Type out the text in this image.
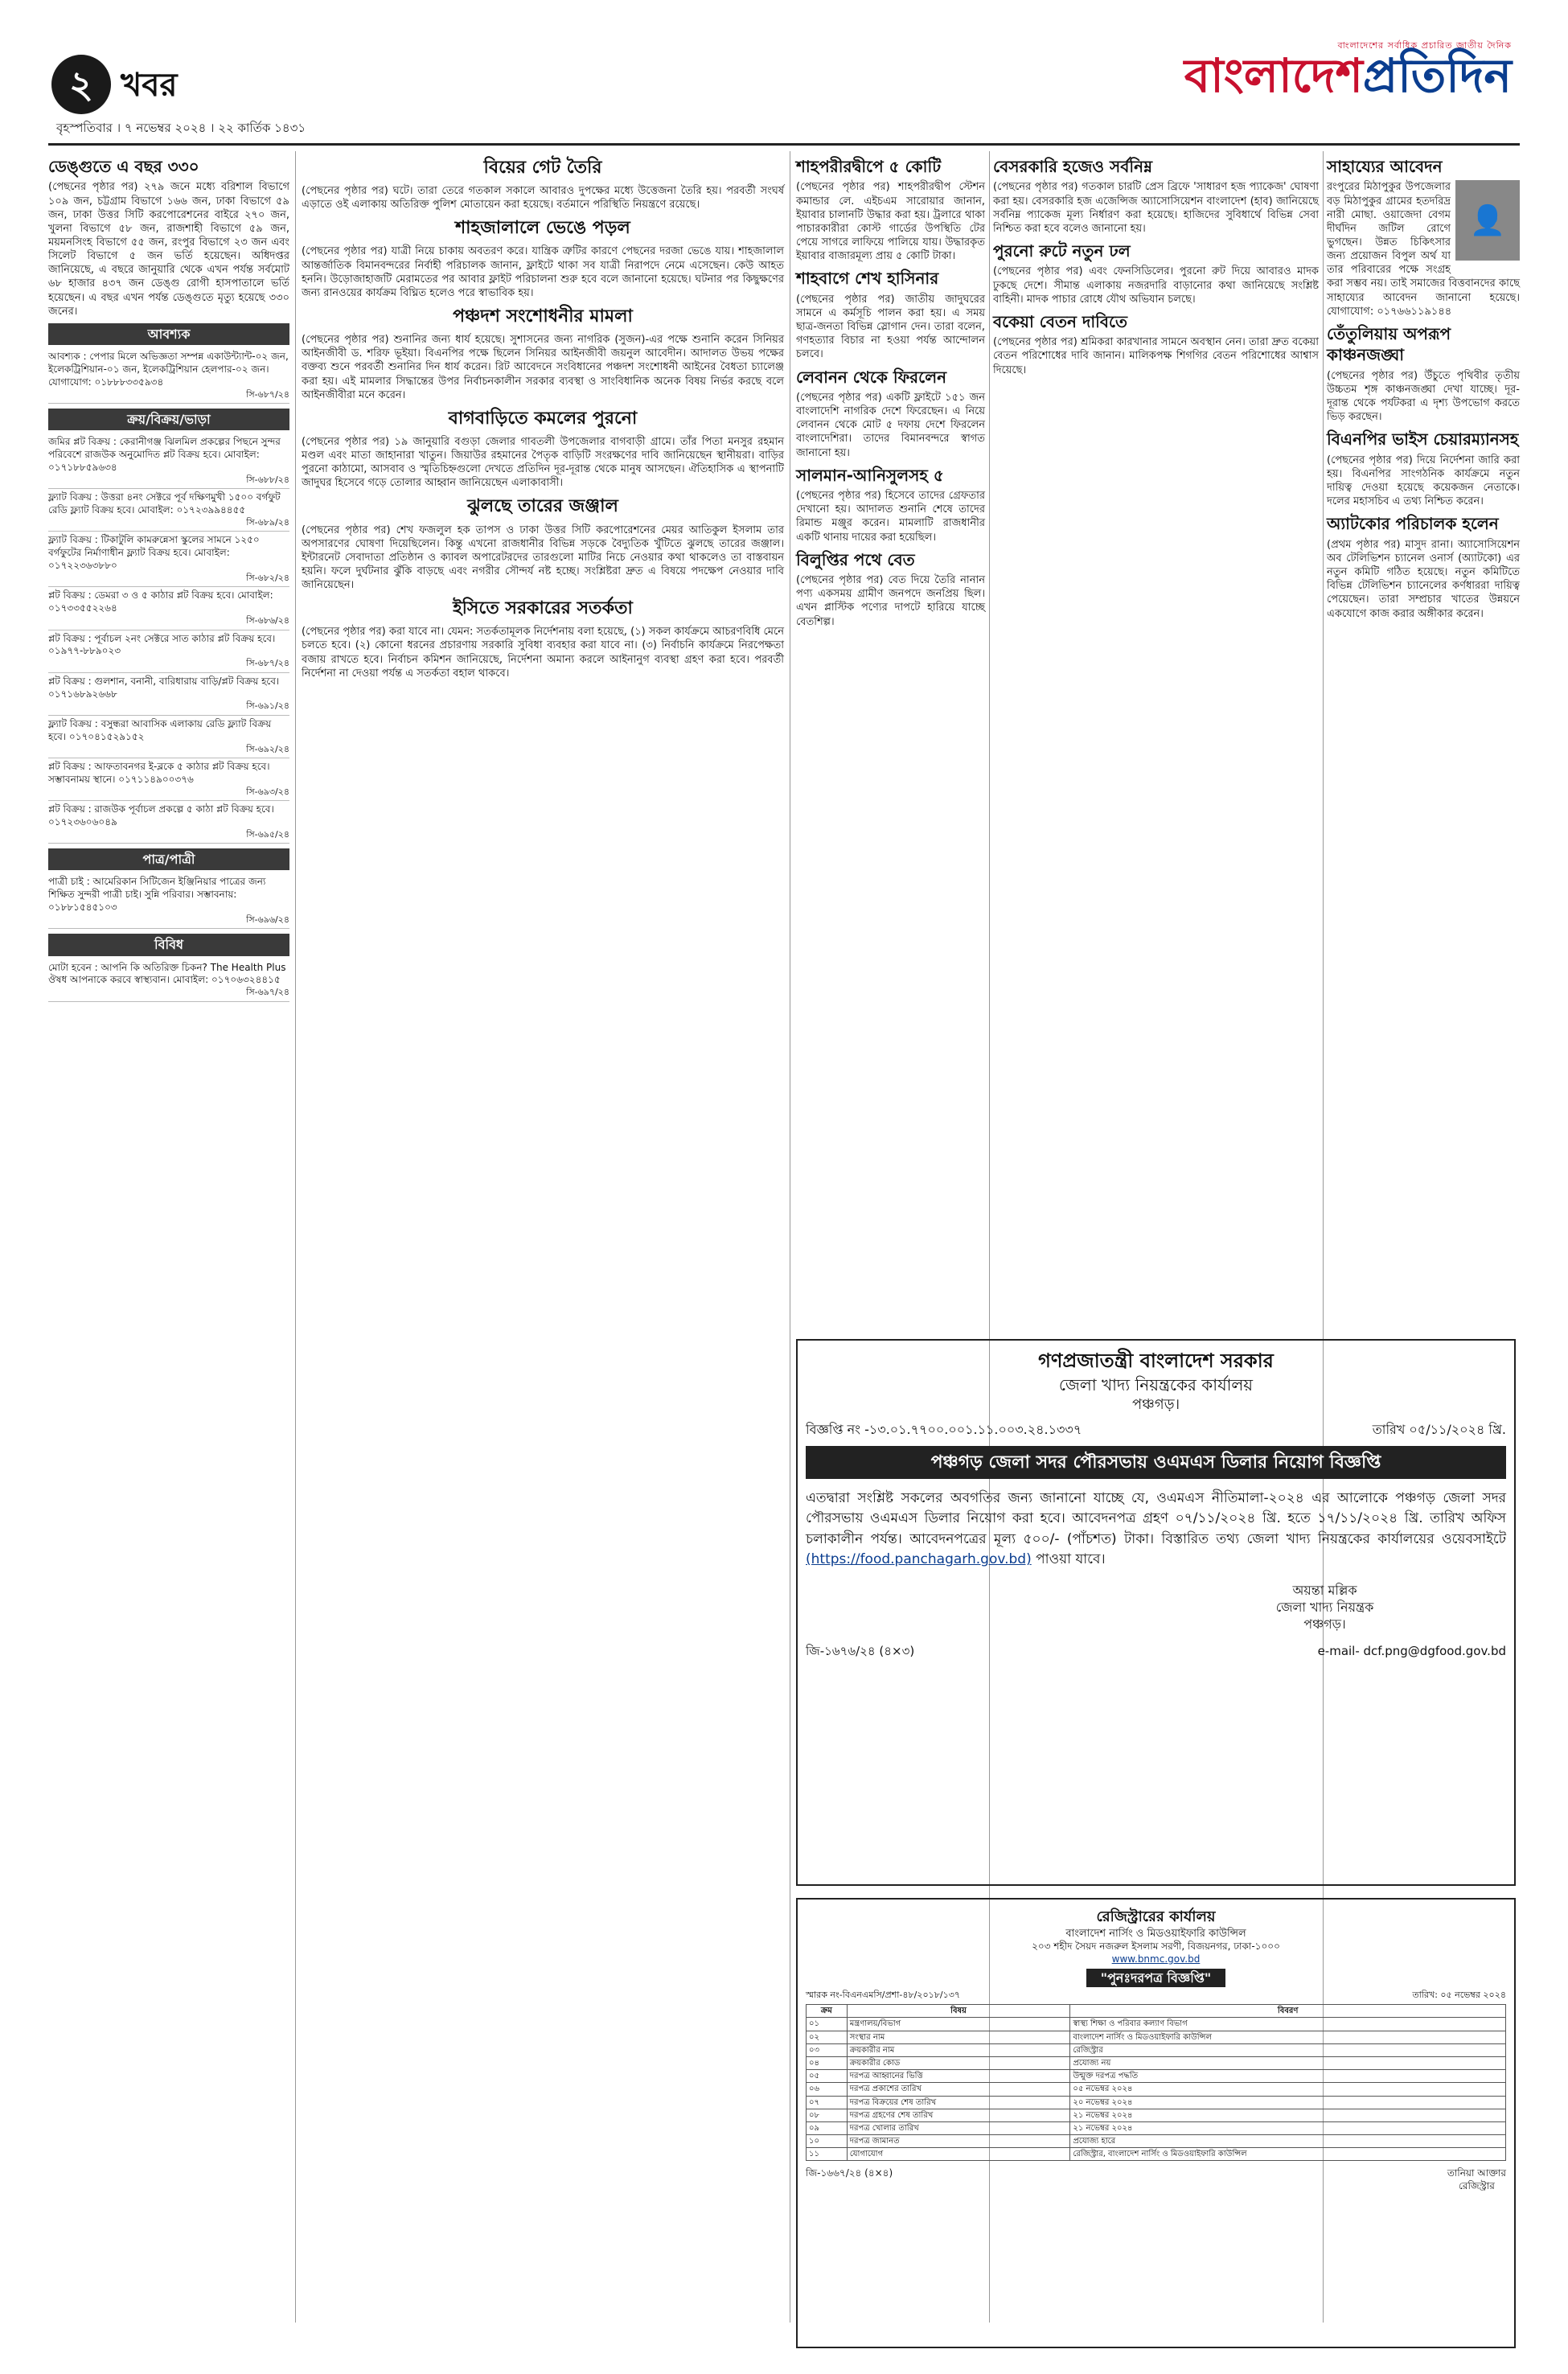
২ খবর
বৃহস্পতিবার । ৭ নভেম্বর ২০২৪ । ২২ কার্তিক ১৪৩১
বাংলাদেশের সর্বাধিক প্রচারিত জাতীয় দৈনিক
বাংলাদেশপ্রতিদিন
ডেঙ্গুতে এ বছর ৩৩০

(পেছনের পৃষ্ঠার পর) ২৭৯ জনে মধ্যে বরিশাল বিভাগে ১০৯ জন, চট্টগ্রাম বিভাগে ১৬৬ জন, ঢাকা বিভাগে ৫৯ জন, ঢাকা উত্তর সিটি করপোরেশনের বাইরে ২৭০ জন, খুলনা বিভাগে ৫৮ জন, রাজশাহী বিভাগে ৫৯ জন, ময়মনসিংহ বিভাগে ৫৫ জন, রংপুর বিভাগে ২৩ জন এবং সিলেট বিভাগে ৫ জন ভর্তি হয়েছেন। অধিদপ্তর জানিয়েছে, এ বছরে জানুয়ারি থেকে এখন পর্যন্ত সর্বমোট ৬৮ হাজার ৪৩৭ জন ডেঙ্গু রোগী হাসপাতালে ভর্তি হয়েছেন। এ বছর এখন পর্যন্ত ডেঙ্গুতে মৃত্যু হয়েছে ৩৩০ জনের।

আবশ্যক
আবশ্যক : পেপার মিলে অভিজ্ঞতা সম্পন্ন একাউন্ট্যান্ট-০২ জন, ইলেকট্রিশিয়ান-০১ জন, ইলেকট্রিশিয়ান হেলপার-০২ জন। যোগাযোগ: ০১৮৮৮৩৩৫৯৩৪
সি-৬৮৭/২৪
ক্রয়/বিক্রয়/ভাড়া
জমির প্লট বিক্রয় : কেরানীগঞ্জ ঝিলমিল প্রকল্পের পিছনে সুন্দর পরিবেশে রাজউক অনুমোদিত প্লট বিক্রয় হবে। মোবাইল: ০১৭১৮৮৫৯৬৩৪
সি-৬৮৮/২৪
ফ্ল্যাট বিক্রয় : উত্তরা ৪নং সেক্টরে পূর্ব দক্ষিণমুখী ১৫০০ বর্গফুট রেডি ফ্ল্যাট বিক্রয় হবে। মোবাইল: ০১৭২৩৯৯৪৪৫৫
সি-৬৮৯/২৪
ফ্ল্যাট বিক্রয় : টিকাটুলি কামরুন্নেসা স্কুলের সামনে ১২৫০ বর্গফুটের নির্মাণাধীন ফ্ল্যাট বিক্রয় হবে। মোবাইল: ০১৭২২৩৬৩৮৮০
সি-৬৮২/২৪
প্লট বিক্রয় : ডেমরা ৩ ও ৫ কাঠার প্লট বিক্রয় হবে। মোবাইল: ০১৭৩৩৫৫২২৬৪
সি-৬৮৬/২৪
প্লট বিক্রয় : পূর্বাচল ২নং সেক্টরে সাত কাঠার প্লট বিক্রয় হবে। ০১৯৭৭-৮৮৯০২৩
সি-৬৮৭/২৪
প্লট বিক্রয় : গুলশান, বনানী, বারিধারায় বাড়ি/প্লট বিক্রয় হবে। ০১৭১৬৮৯২৬৬৮
সি-৬৯১/২৪
ফ্ল্যাট বিক্রয় : বসুন্ধরা আবাসিক এলাকায় রেডি ফ্ল্যাট বিক্রয় হবে। ০১৭০৪১৫২৯১৫২
সি-৬৯২/২৪
প্লট বিক্রয় : আফতাবনগর ই-ব্লকে ৫ কাঠার প্লট বিক্রয় হবে। সম্ভাবনাময় স্থানে। ০১৭১১৪৯০০৩৭৬
সি-৬৯৩/২৪
প্লট বিক্রয় : রাজউক পূর্বাচল প্রকল্পে ৫ কাঠা প্লট বিক্রয় হবে। ০১৭২৩৬০৬০৪৯
সি-৬৯৫/২৪
পাত্র/পাত্রী
পাত্রী চাই : আমেরিকান সিটিজেন ইঞ্জিনিয়ার পাত্রের জন্য শিক্ষিত সুন্দরী পাত্রী চাই। সুন্নি পরিবার। সম্ভাবনায়: ০১৮৮১৫৪৫১০৩
সি-৬৯৬/২৪
বিবিধ
মোটা হবেন : আপনি কি অতিরিক্ত চিকন? The Health Plus ঔষধ আপনাকে করবে স্বাস্থ্যবান। মোবাইল: ০১৭০৬৩২৪৪১৫
সি-৬৯৭/২৪
বিয়ের গেট তৈরি

(পেছনের পৃষ্ঠার পর) ঘটে। তারা তেরে গতকাল সকালে আবারও দুপক্ষের মধ্যে উত্তেজনা তৈরি হয়। পরবর্তী সংঘর্ষ এড়াতে ওই এলাকায় অতিরিক্ত পুলিশ মোতায়েন করা হয়েছে। বর্তমানে পরিস্থিতি নিয়ন্ত্রণে রয়েছে।

শাহজালালে ভেঙে পড়ল

(পেছনের পৃষ্ঠার পর) যাত্রী নিয়ে চাকায় অবতরণ করে। যান্ত্রিক ত্রুটির কারণে পেছনের দরজা ভেঙে যায়। শাহজালাল আন্তর্জাতিক বিমানবন্দরের নির্বাহী পরিচালক জানান, ফ্লাইটে থাকা সব যাত্রী নিরাপদে নেমে এসেছেন। কেউ আহত হননি। উড়োজাহাজটি মেরামতের পর আবার ফ্লাইট পরিচালনা শুরু হবে বলে জানানো হয়েছে। ঘটনার পর কিছুক্ষণের জন্য রানওয়ের কার্যক্রম বিঘ্নিত হলেও পরে স্বাভাবিক হয়।

পঞ্চদশ সংশোধনীর মামলা

(পেছনের পৃষ্ঠার পর) শুনানির জন্য ধার্য হয়েছে। সুশাসনের জন্য নাগরিক (সুজন)-এর পক্ষে শুনানি করেন সিনিয়র আইনজীবী ড. শরিফ ভূইয়া। বিএনপির পক্ষে ছিলেন সিনিয়র আইনজীবী জয়নুল আবেদীন। আদালত উভয় পক্ষের বক্তব্য শুনে পরবর্তী শুনানির দিন ধার্য করেন। রিট আবেদনে সংবিধানের পঞ্চদশ সংশোধনী আইনের বৈধতা চ্যালেঞ্জ করা হয়। এই মামলার সিদ্ধান্তের উপর নির্বাচনকালীন সরকার ব্যবস্থা ও সাংবিধানিক অনেক বিষয় নির্ভর করছে বলে আইনজীবীরা মনে করেন।

বাগবাড়িতে কমলের পুরনো

(পেছনের পৃষ্ঠার পর) ১৯ জানুয়ারি বগুড়া জেলার গাবতলী উপজেলার বাগবাড়ী গ্রামে। তাঁর পিতা মনসুর রহমান মণ্ডল এবং মাতা জাহানারা খাতুন। জিয়াউর রহমানের পৈতৃক বাড়িটি সংরক্ষণের দাবি জানিয়েছেন স্থানীয়রা। বাড়ির পুরনো কাঠামো, আসবাব ও স্মৃতিচিহ্নগুলো দেখতে প্রতিদিন দূর-দূরান্ত থেকে মানুষ আসছেন। ঐতিহাসিক এ স্থাপনাটি জাদুঘর হিসেবে গড়ে তোলার আহ্বান জানিয়েছেন এলাকাবাসী।

ঝুলছে তারের জঞ্জাল

(পেছনের পৃষ্ঠার পর) শেখ ফজলুল হক তাপস ও ঢাকা উত্তর সিটি করপোরেশনের মেয়র আতিকুল ইসলাম তার অপসারণের ঘোষণা দিয়েছিলেন। কিন্তু এখনো রাজধানীর বিভিন্ন সড়কে বৈদ্যুতিক খুঁটিতে ঝুলছে তারের জঞ্জাল। ইন্টারনেট সেবাদাতা প্রতিষ্ঠান ও ক্যাবল অপারেটরদের তারগুলো মাটির নিচে নেওয়ার কথা থাকলেও তা বাস্তবায়ন হয়নি। ফলে দুর্ঘটনার ঝুঁকি বাড়ছে এবং নগরীর সৌন্দর্য নষ্ট হচ্ছে। সংশ্লিষ্টরা দ্রুত এ বিষয়ে পদক্ষেপ নেওয়ার দাবি জানিয়েছেন।

ইসিতে সরকারের সতর্কতা

(পেছনের পৃষ্ঠার পর) করা যাবে না। যেমন: সতর্কতামূলক নির্দেশনায় বলা হয়েছে, (১) সকল কার্যক্রমে আচরণবিধি মেনে চলতে হবে। (২) কোনো ধরনের প্রচারণায় সরকারি সুবিধা ব্যবহার করা যাবে না। (৩) নির্বাচনি কার্যক্রমে নিরপেক্ষতা বজায় রাখতে হবে। নির্বাচন কমিশন জানিয়েছে, নির্দেশনা অমান্য করলে আইনানুগ ব্যবস্থা গ্রহণ করা হবে। পরবর্তী নির্দেশনা না দেওয়া পর্যন্ত এ সতর্কতা বহাল থাকবে।

শাহপরীরদ্বীপে ৫ কোটি

(পেছনের পৃষ্ঠার পর) শাহপরীরদ্বীপ স্টেশন কমান্ডার লে. এইচএম সারোয়ার জানান, ইয়াবার চালানটি উদ্ধার করা হয়। ট্রলারে থাকা পাচারকারীরা কোস্ট গার্ডের উপস্থিতি টের পেয়ে সাগরে লাফিয়ে পালিয়ে যায়। উদ্ধারকৃত ইয়াবার বাজারমূল্য প্রায় ৫ কোটি টাকা।

শাহবাগে শেখ হাসিনার

(পেছনের পৃষ্ঠার পর) জাতীয় জাদুঘরের সামনে এ কর্মসূচি পালন করা হয়। এ সময় ছাত্র-জনতা বিভিন্ন স্লোগান দেন। তারা বলেন, গণহত্যার বিচার না হওয়া পর্যন্ত আন্দোলন চলবে।

লেবানন থেকে ফিরলেন

(পেছনের পৃষ্ঠার পর) একটি ফ্লাইটে ১৫১ জন বাংলাদেশি নাগরিক দেশে ফিরেছেন। এ নিয়ে লেবানন থেকে মোট ৫ দফায় দেশে ফিরলেন বাংলাদেশিরা। তাদের বিমানবন্দরে স্বাগত জানানো হয়।

সালমান-আনিসুলসহ ৫

(পেছনের পৃষ্ঠার পর) হিসেবে তাদের গ্রেফতার দেখানো হয়। আদালত শুনানি শেষে তাদের রিমান্ড মঞ্জুর করেন। মামলাটি রাজধানীর একটি থানায় দায়ের করা হয়েছিল।

বিলুপ্তির পথে বেত

(পেছনের পৃষ্ঠার পর) বেত দিয়ে তৈরি নানান পণ্য একসময় গ্রামীণ জনপদে জনপ্রিয় ছিল। এখন প্লাস্টিক পণ্যের দাপটে হারিয়ে যাচ্ছে বেতশিল্প।

বেসরকারি হজেও সর্বনিম্ন

(পেছনের পৃষ্ঠার পর) গতকাল চারটি প্রেস ব্রিফে 'সাধারণ হজ প্যাকেজ' ঘোষণা করা হয়। বেসরকারি হজ এজেন্সিজ অ্যাসোসিয়েশন বাংলাদেশ (হাব) জানিয়েছে সর্বনিম্ন প্যাকেজ মূল্য নির্ধারণ করা হয়েছে। হাজিদের সুবিধার্থে বিভিন্ন সেবা নিশ্চিত করা হবে বলেও জানানো হয়।

পুরনো রুটে নতুন ঢল

(পেছনের পৃষ্ঠার পর) এবং ফেনসিডিলের। পুরনো রুট দিয়ে আবারও মাদক ঢুকছে দেশে। সীমান্ত এলাকায় নজরদারি বাড়ানোর কথা জানিয়েছে সংশ্লিষ্ট বাহিনী। মাদক পাচার রোধে যৌথ অভিযান চলছে।

বকেয়া বেতন দাবিতে

(পেছনের পৃষ্ঠার পর) শ্রমিকরা কারখানার সামনে অবস্থান নেন। তারা দ্রুত বকেয়া বেতন পরিশোধের দাবি জানান। মালিকপক্ষ শিগগির বেতন পরিশোধের আশ্বাস দিয়েছে।

গণপ্রজাতন্ত্রী বাংলাদেশ সরকার
জেলা খাদ্য নিয়ন্ত্রকের কার্যালয়
পঞ্চগড়।
বিজ্ঞপ্তি নং -১৩.০১.৭৭০০.০০১.১১.০০৩.২৪.১৩৩৭	তারিখ ০৫/১১/২০২৪ খ্রি.
পঞ্চগড় জেলা সদর পৌরসভায় ওএমএস ডিলার নিয়োগ বিজ্ঞপ্তি

এতদ্বারা সংশ্লিষ্ট সকলের অবগতির জন্য জানানো যাচ্ছে যে, ওএমএস নীতিমালা-২০২৪ এর আলোকে পঞ্চগড় জেলা সদর পৌরসভায় ওএমএস ডিলার নিয়োগ করা হবে। আবেদনপত্র গ্রহণ ০৭/১১/২০২৪ খ্রি. হতে ১৭/১১/২০২৪ খ্রি. তারিখ অফিস চলাকালীন পর্যন্ত। আবেদনপত্রের মূল্য ৫০০/- (পাঁচশত) টাকা। বিস্তারিত তথ্য জেলা খাদ্য নিয়ন্ত্রকের কার্যালয়ের ওয়েবসাইটে (https://food.panchagarh.gov.bd) পাওয়া যাবে।

অয়ন্তা মল্লিক
জেলা খাদ্য নিয়ন্ত্রক
পঞ্চগড়।
জি-১৬৭৬/২৪ (৪×৩)	e-mail- dcf.png@dgfood.gov.bd
রেজিস্ট্রারের কার্যালয়
বাংলাদেশ নার্সিং ও মিডওয়াইফারি কাউন্সিল
২০৩ শহীদ সৈয়দ নজরুল ইসলাম সরণী, বিজয়নগর, ঢাকা-১০০০
www.bnmc.gov.bd
"পুনঃদরপত্র বিজ্ঞপ্তি"
স্মারক নং-বিএনএমসি/প্রশা-৪৮/২০১৮/১৩৭	তারিখ: ০৫ নভেম্বর ২০২৪
ক্রম	বিষয়	বিবরণ
০১	মন্ত্রণালয়/বিভাগ	স্বাস্থ্য শিক্ষা ও পরিবার কল্যাণ বিভাগ
০২	সংস্থার নাম	বাংলাদেশ নার্সিং ও মিডওয়াইফারি কাউন্সিল
০৩	ক্রয়কারীর নাম	রেজিস্ট্রার
০৪	ক্রয়কারীর কোড	প্রযোজ্য নয়
০৫	দরপত্র আহ্বানের ভিত্তি	উন্মুক্ত দরপত্র পদ্ধতি
০৬	দরপত্র প্রকাশের তারিখ	০৫ নভেম্বর ২০২৪
০৭	দরপত্র বিক্রয়ের শেষ তারিখ	২০ নভেম্বর ২০২৪
০৮	দরপত্র গ্রহণের শেষ তারিখ	২১ নভেম্বর ২০২৪
০৯	দরপত্র খোলার তারিখ	২১ নভেম্বর ২০২৪
১০	দরপত্র জামানত	প্রযোজ্য হারে
১১	যোগাযোগ	রেজিস্ট্রার, বাংলাদেশ নার্সিং ও মিডওয়াইফারি কাউন্সিল
জি-১৬৬৭/২৪ (৪×৪)	তানিয়া আক্তার
রেজিস্ট্রার
সাহায্যের আবেদন
👤

রংপুরের মিঠাপুকুর উপজেলার বড় মিঠাপুকুর গ্রামের হতদরিদ্র নারী মোছা. ওয়াজেদা বেগম দীর্ঘদিন জটিল রোগে ভুগছেন। উন্নত চিকিৎসার জন্য প্রয়োজন বিপুল অর্থ যা তার পরিবারের পক্ষে সংগ্রহ করা সম্ভব নয়। তাই সমাজের বিত্তবানদের কাছে সাহায্যের আবেদন জানানো হয়েছে। যোগাযোগ: ০১৭৬৬১১৯১৪৪

তেঁতুলিয়ায় অপরূপ কাঞ্চনজঙ্ঘা

(পেছনের পৃষ্ঠার পর) উঁচুতে পৃথিবীর তৃতীয় উচ্চতম শৃঙ্গ কাঞ্চনজঙ্ঘা দেখা যাচ্ছে। দূর-দূরান্ত থেকে পর্যটকরা এ দৃশ্য উপভোগ করতে ভিড় করছেন।

বিএনপির ভাইস চেয়ারম্যানসহ

(পেছনের পৃষ্ঠার পর) দিয়ে নির্দেশনা জারি করা হয়। বিএনপির সাংগঠনিক কার্যক্রমে নতুন দায়িত্ব দেওয়া হয়েছে কয়েকজন নেতাকে। দলের মহাসচিব এ তথ্য নিশ্চিত করেন।

অ্যাটকোর পরিচালক হলেন

(প্রথম পৃষ্ঠার পর) মাসুদ রানা। অ্যাসোসিয়েশন অব টেলিভিশন চ্যানেল ওনার্স (অ্যাটকো) এর নতুন কমিটি গঠিত হয়েছে। নতুন কমিটিতে বিভিন্ন টেলিভিশন চ্যানেলের কর্ণধাররা দায়িত্ব পেয়েছেন। তারা সম্প্রচার খাতের উন্নয়নে একযোগে কাজ করার অঙ্গীকার করেন।
